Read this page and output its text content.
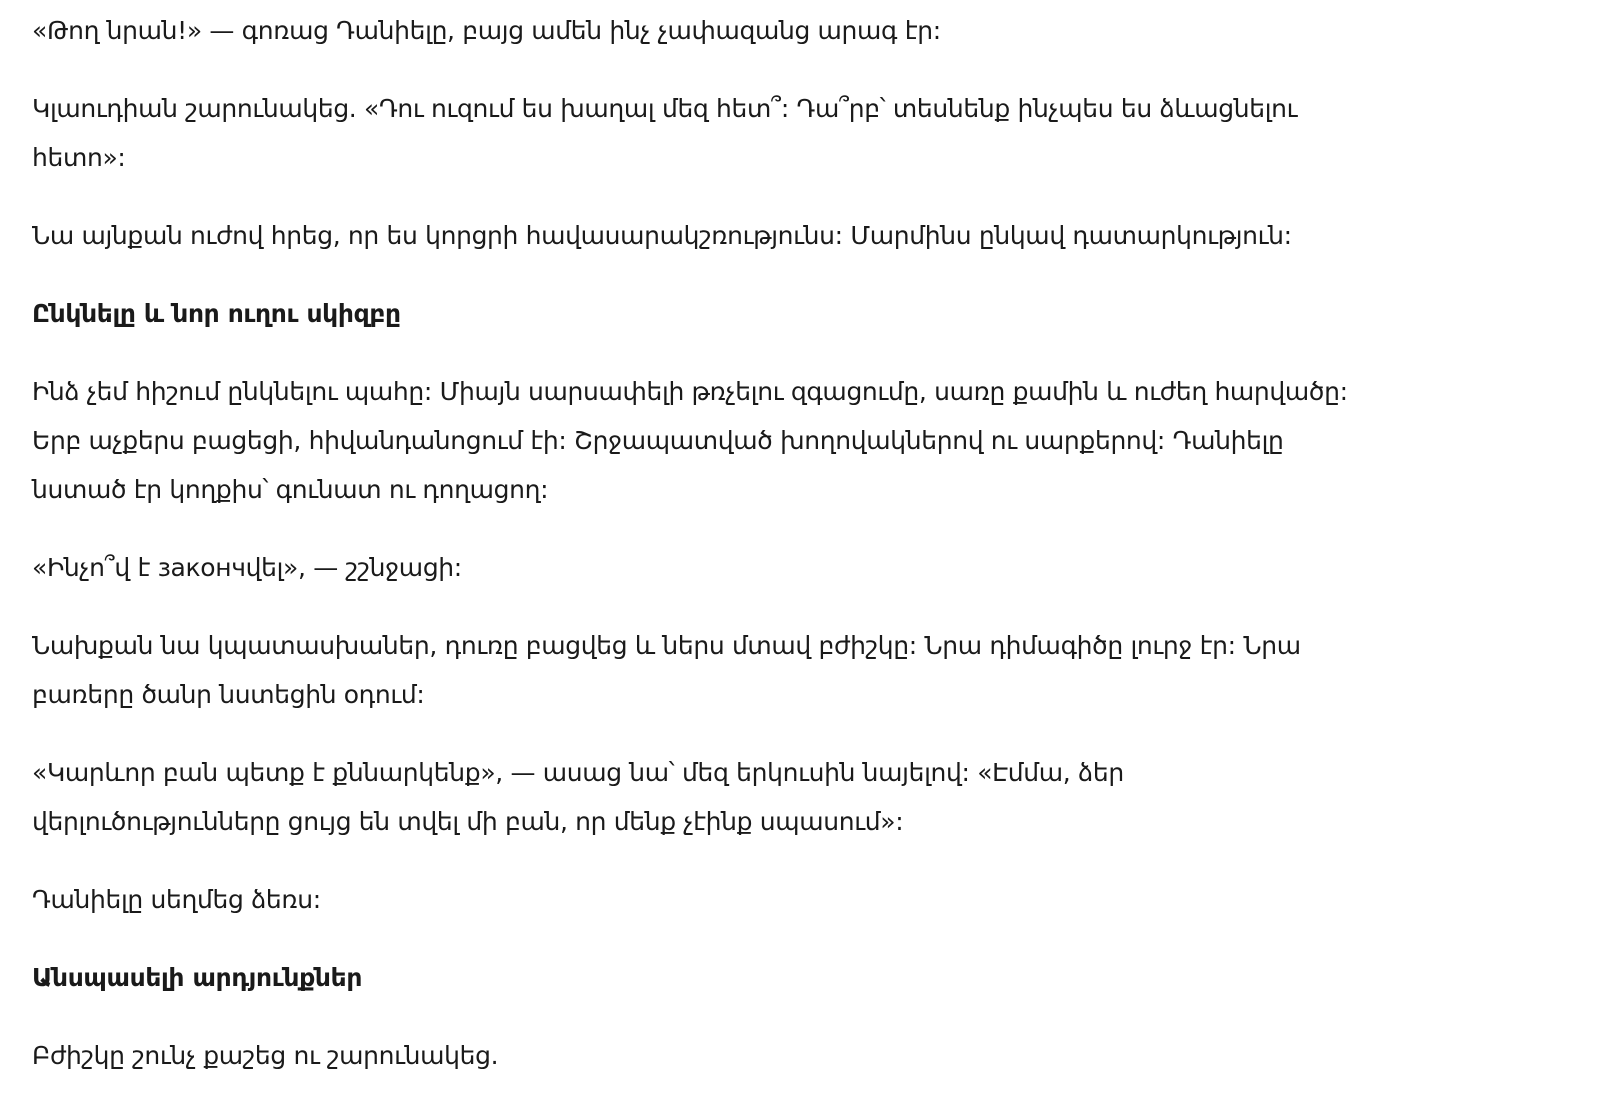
«Թող նրան!» — գոռաց Դանիելը, բայց ամեն ինչ չափազանց արագ էր:

Կլաուդիան շարունակեց. «Դու ուզում ես խաղալ մեզ հետ՞: Դա՞րբ՝ տեսնենք ինչպես ես ձևացնելու
հետո»:

Նա այնքան ուժով հրեց, որ ես կորցրի հավասարակշռությունս: Մարմինս ընկավ դատարկություն:

Ընկնելը և նոր ուղու սկիզբը

Ինձ չեմ հիշում ընկնելու պահը: Միայն սարսափելի թռչելու զգացումը, սառը քամին և ուժեղ հարվածը:
Երբ աչքերս բացեցի, հիվանդանոցում էի: Շրջապատված խողովակներով ու սարքերով: Դանիելը
նստած էր կողքիս՝ գունատ ու դողացող:

«Ինչո՞վ է закончվել», — շշնջացի:

Նախքան նա կպատասխաներ, դուռը բացվեց և ներս մտավ բժիշկը: Նրա դիմագիծը լուրջ էր: Նրա
բառերը ծանր նստեցին օդում:

«Կարևոր բան պետք է քննարկենք», — ասաց նա՝ մեզ երկուսին նայելով: «Էմմա, ձեր
վերլուծությունները ցույց են տվել մի բան, որ մենք չէինք սպասում»:

Դանիելը սեղմեց ձեռս:

Անսպասելի արդյունքներ

Բժիշկը շունչ քաշեց ու շարունակեց.
